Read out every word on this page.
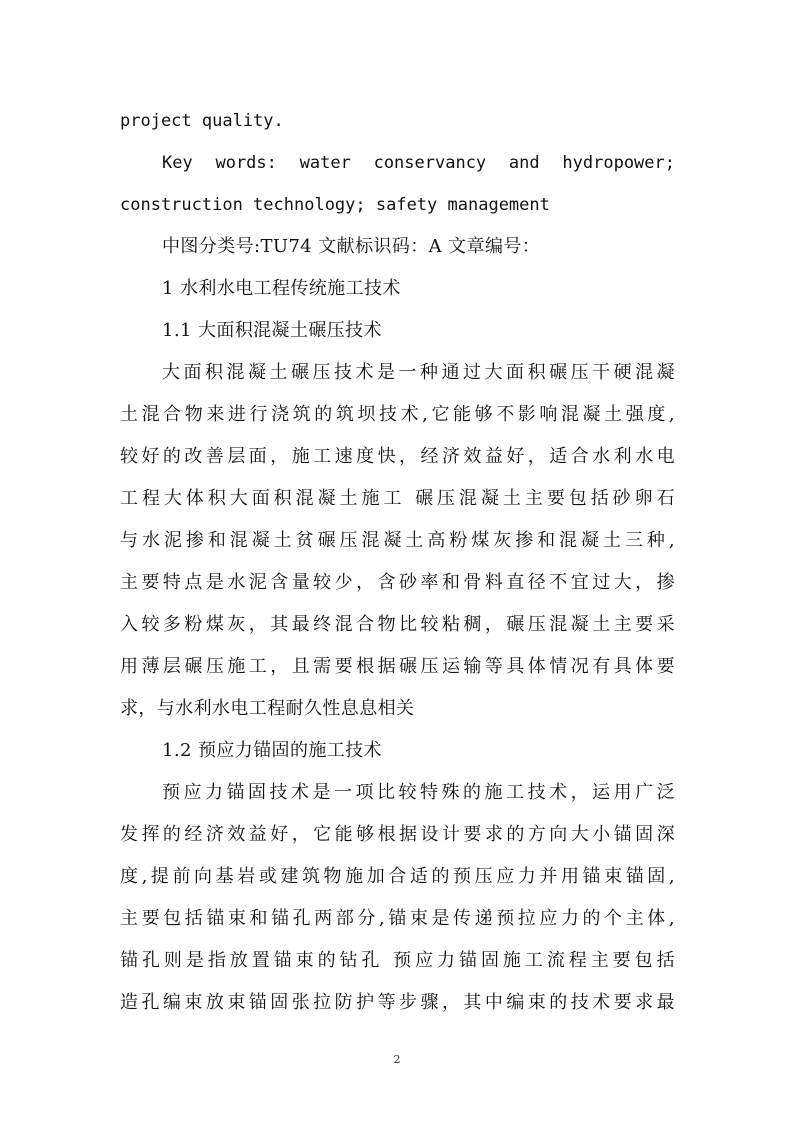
project quality.
Key words: water conservancy and hydropower;
construction technology; safety management
中图分类号:TU74 文献标识码：A 文章编号：
1 水利水电工程传统施工技术
1.1 大面积混凝土碾压技术
大面积混凝土碾压技术是一种通过大面积碾压干硬混凝
土混合物来进行浇筑的筑坝技术,它能够不影响混凝土强度,
较好的改善层面，施工速度快，经济效益好，适合水利水电
工程大体积大面积混凝土施工 碾压混凝土主要包括砂卵石
与水泥掺和混凝土贫碾压混凝土高粉煤灰掺和混凝土三种,
主要特点是水泥含量较少，含砂率和骨料直径不宜过大，掺
入较多粉煤灰，其最终混合物比较粘稠，碾压混凝土主要采
用薄层碾压施工，且需要根据碾压运输等具体情况有具体要
求，与水利水电工程耐久性息息相关
1.2 预应力锚固的施工技术
预应力锚固技术是一项比较特殊的施工技术，运用广泛
发挥的经济效益好，它能够根据设计要求的方向大小锚固深
度,提前向基岩或建筑物施加合适的预压应力并用锚束锚固,
主要包括锚束和锚孔两部分,锚束是传递预拉应力的个主体,
锚孔则是指放置锚束的钻孔 预应力锚固施工流程主要包括
造孔编束放束锚固张拉防护等步骤，其中编束的技术要求最
2
